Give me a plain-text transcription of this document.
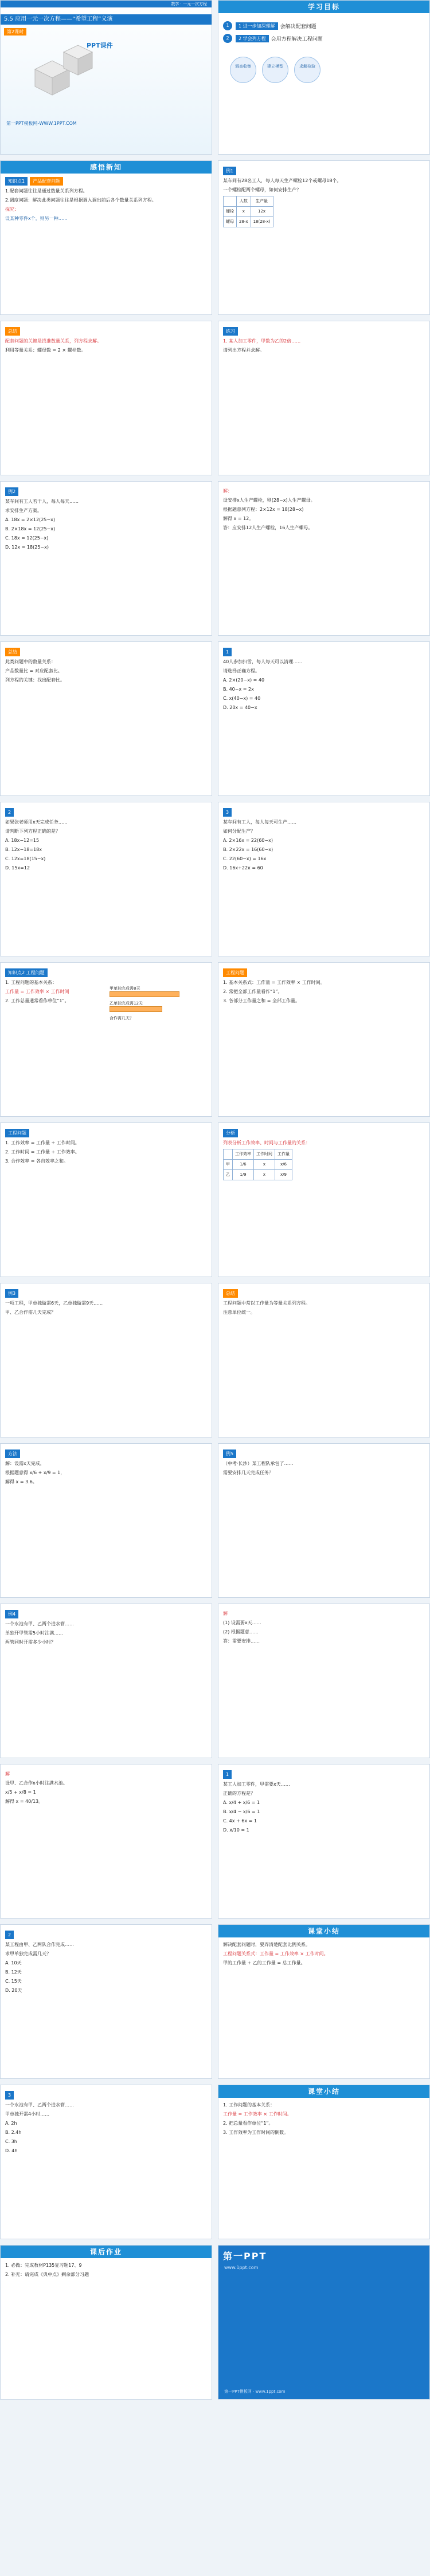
数学 · 一元一次方程
5.5 应用一元一次方程——“希望工程”义演
第2课时
PPT课件
第一PPT模板网-WWW.1PPT.COM
学习目标
1	1 进一步加深理解	会解决配套问题
2	2 学会列方程	会用方程解决工程问题
调查收集	建立模型	求解检验
感悟新知

知识点1 产品配套问题

1.配套问题往往是通过数量关系列方程。

2.调度问题：解决此类问题往往是根据调入调出前后各个数量关系列方程。

探究：

设某种零件x个，则另一种……

例1

某车间有28名工人，每人每天生产螺栓12个或螺母18个。

一个螺栓配两个螺母，如何安排生产？

	人数	生产量
螺栓	x	12x
螺母	28-x	18(28-x)

总结

配套问题的关键是找准数量关系，列方程求解。

利用等量关系：螺母数 = 2 × 螺栓数。

练习

1. 某人加工零件，甲数为乙的2倍……

请列出方程并求解。

例2

某车间有工人若干人，每人每天……

求安排生产方案。

A. 18x = 2×12(25−x)

B. 2×18x = 12(25−x)

C. 18x = 12(25−x)

D. 12x = 18(25−x)

解：

设安排x人生产螺栓，则(28−x)人生产螺母。

根据题意列方程：2×12x = 18(28−x)

解得 x = 12。

答：应安排12人生产螺栓，16人生产螺母。

总结

此类问题中的数量关系：

产品数量比 = 对应配套比。

列方程的关键：找出配套比。

1

40人参加扫雪，每人每天可以清理……

请选择正确方程。

A. 2×(20−x) = 40

B. 40−x = 2x

C. x(40−x) = 40

D. 20x = 40−x

2

如果张老师用x天完成任务……

请判断下列方程正确的是？

A. 18x−12=15

B. 12x−18=18x

C. 12x=18(15−x)

D. 15x=12

3

某车间有工人，每人每天可生产……

如何分配生产？

A. 2×16x = 22(60−x)

B. 2×22x = 16(60−x)

C. 22(60−x) = 16x

D. 16x+22x = 60

知识点2 工程问题

1. 工程问题的基本关系：

工作量 = 工作效率 × 工作时间

2. 工作总量通常看作单位“1”。

甲单独完成需8天
乙单独完成需12天
合作需几天？

工程问题

1. 基本关系式：工作量 = 工作效率 × 工作时间。

2. 常把全部工作量看作“1”。

3. 各部分工作量之和 = 全部工作量。

工程问题

1. 工作效率 = 工作量 ÷ 工作时间。

2. 工作时间 = 工作量 ÷ 工作效率。

3. 合作效率 = 各自效率之和。

分析

列表分析工作效率、时间与工作量的关系：

	工作效率	工作时间	工作量
甲	1/6	x	x/6
乙	1/9	x	x/9

例3

一项工程，甲单独做需6天，乙单独做需9天……

甲、乙合作需几天完成？

总结

工程问题中常以工作量为等量关系列方程。

注意单位统一。

方法

解：设需x天完成，

根据题意得 x/6 + x/9 = 1，

解得 x = 3.6。

例5

（中考·长沙）某工程队承包了……

需要安排几天完成任务？

例4

一个水池有甲、乙两个进水管……

单独开甲管需5小时注满……

两管同时开需多少小时？

解

(1) 设需要x天……

(2) 根据题意……

答：需要安排……

解

设甲、乙合作x小时注满水池。

x/5 + x/8 = 1

解得 x = 40/13。

1

某工人加工零件，甲需要x天……

正确的方程是？

A. x/4 + x/6 = 1

B. x/4 − x/6 = 1

C. 4x + 6x = 1

D. x/10 = 1

2

某工程由甲、乙两队合作完成……

求甲单独完成需几天？

A. 10天

B. 12天

C. 15天

D. 20天

课堂小结

解决配套问题时，要弄清楚配套比例关系。

工程问题关系式：工作量 = 工作效率 × 工作时间。

甲的工作量 + 乙的工作量 = 总工作量。

3

一个水池有甲、乙两个进水管……

甲单独开需4小时……

A. 2h

B. 2.4h

C. 3h

D. 4h

课堂小结

1. 工作问题的基本关系：

工作量 = 工作效率 × 工作时间。

2. 把总量看作单位“1”。

3. 工作效率为工作时间的倒数。

课后作业

1. 必做：完成教材P135复习题17、9

2. 补充：请完成《典中点》剩余部分习题

第一PPT
www.1ppt.com
第一PPT模板网 · www.1ppt.com
